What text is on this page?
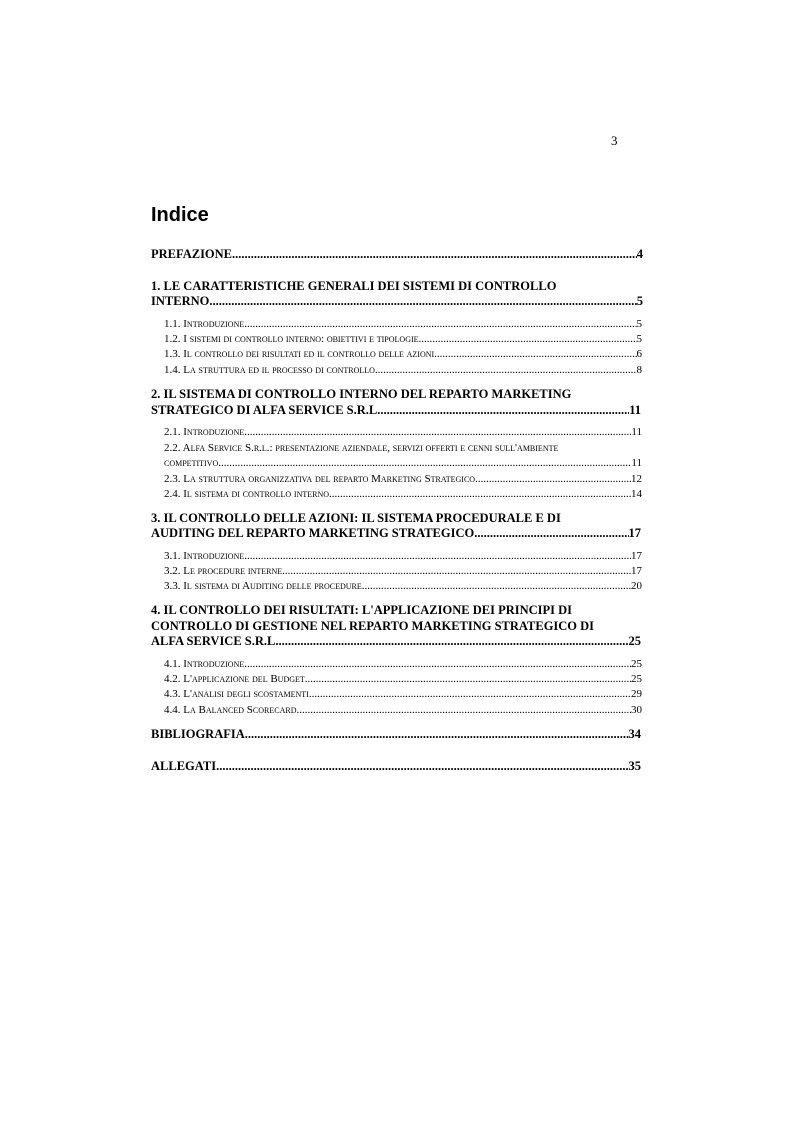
3
Indice
PREFAZIONE .....	4
1. LE CARATTERISTICHE GENERALI DEI SISTEMI DI CONTROLLO
INTERNO .....	5
1.1. Introduzione .....	5
1.2. I sistemi di controllo interno: obiettivi e tipologie .....	5
1.3. Il controllo dei risultati ed il controllo delle azioni .....	6
1.4. La struttura ed il processo di controllo .....	8
2. IL SISTEMA DI CONTROLLO INTERNO DEL REPARTO MARKETING
STRATEGICO DI ALFA SERVICE S.R.L .....	11
2.1. Introduzione .....	11
2.2. Alfa Service S.r.l.: presentazione aziendale, servizi offerti e cenni sull'ambiente
competitivo .....	11
2.3. La struttura organizzativa del reparto Marketing Strategico .....	12
2.4. Il sistema di controllo interno .....	14
3. IL CONTROLLO DELLE AZIONI: IL SISTEMA PROCEDURALE E DI
AUDITING DEL REPARTO MARKETING STRATEGICO .....	17
3.1. Introduzione .....	17
3.2. Le procedure interne .....	17
3.3. Il sistema di Auditing delle procedure .....	20
4. IL CONTROLLO DEI RISULTATI: L'APPLICAZIONE DEI PRINCIPI DI
CONTROLLO DI GESTIONE NEL REPARTO MARKETING STRATEGICO DI
ALFA SERVICE S.R.L .....	25
4.1. Introduzione .....	25
4.2. L'applicazione del Budget .....	25
4.3. L'analisi degli scostamenti .....	29
4.4. La Balanced Scorecard .....	30
BIBLIOGRAFIA .....	34
ALLEGATI .....	35
